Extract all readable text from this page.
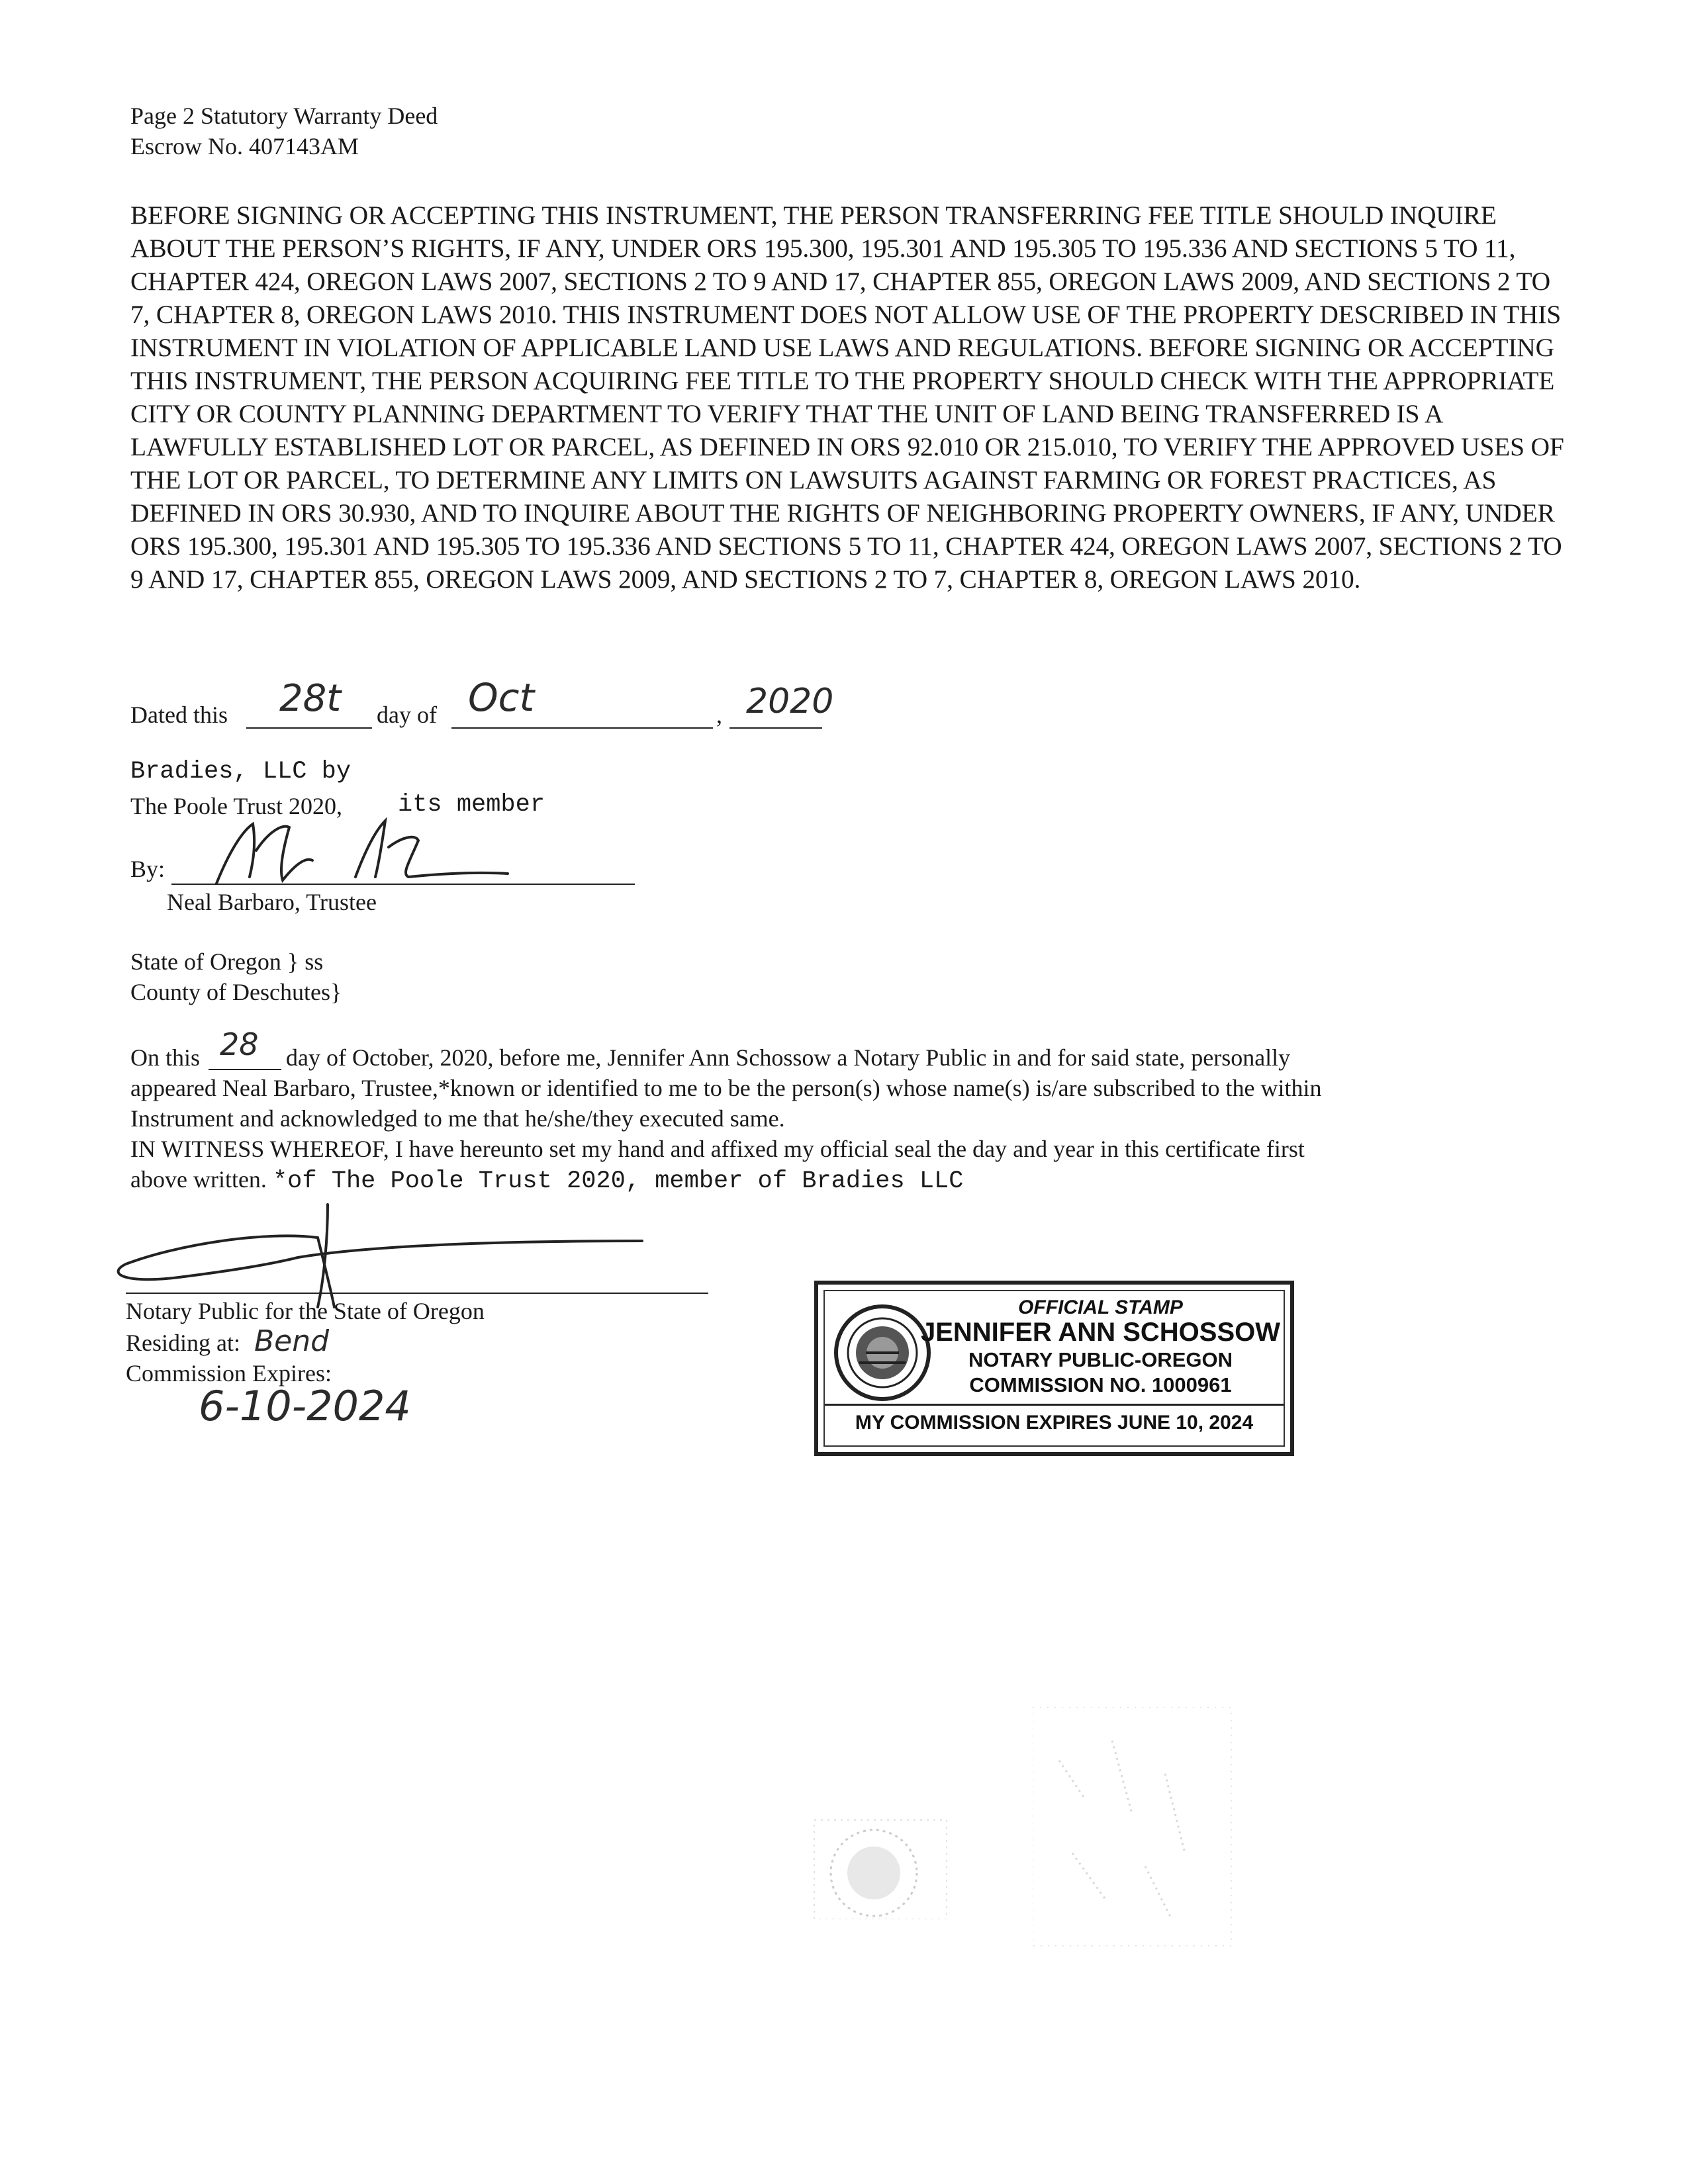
Page 2 Statutory Warranty Deed
Escrow No. 407143AM
BEFORE SIGNING OR ACCEPTING THIS INSTRUMENT, THE PERSON TRANSFERRING FEE TITLE SHOULD INQUIRE ABOUT THE PERSON’S RIGHTS, IF ANY, UNDER ORS 195.300, 195.301 AND 195.305 TO 195.336 AND SECTIONS 5 TO 11, CHAPTER 424, OREGON LAWS 2007, SECTIONS 2 TO 9 AND 17, CHAPTER 855, OREGON LAWS 2009, AND SECTIONS 2 TO 7, CHAPTER 8, OREGON LAWS 2010. THIS INSTRUMENT DOES NOT ALLOW USE OF THE PROPERTY DESCRIBED IN THIS INSTRUMENT IN VIOLATION OF APPLICABLE LAND USE LAWS AND REGULATIONS. BEFORE SIGNING OR ACCEPTING THIS INSTRUMENT, THE PERSON ACQUIRING FEE TITLE TO THE PROPERTY SHOULD CHECK WITH THE APPROPRIATE CITY OR COUNTY PLANNING DEPARTMENT TO VERIFY THAT THE UNIT OF LAND BEING TRANSFERRED IS A LAWFULLY ESTABLISHED LOT OR PARCEL, AS DEFINED IN ORS 92.010 OR 215.010, TO VERIFY THE APPROVED USES OF THE LOT OR PARCEL, TO DETERMINE ANY LIMITS ON LAWSUITS AGAINST FARMING OR FOREST PRACTICES, AS DEFINED IN ORS 30.930, AND TO INQUIRE ABOUT THE RIGHTS OF NEIGHBORING PROPERTY OWNERS, IF ANY, UNDER ORS 195.300, 195.301 AND 195.305 TO 195.336 AND SECTIONS 5 TO 11, CHAPTER 424, OREGON LAWS 2007, SECTIONS 2 TO 9 AND 17, CHAPTER 855, OREGON LAWS 2009, AND SECTIONS 2 TO 7, CHAPTER 8, OREGON LAWS 2010.
Dated this 28t day of Oct	, 2020
Bradies, LLC by
The Poole Trust 2020, its member
By:
Neal Barbaro, Trustee
State of Oregon } ss
County of Deschutes}
On this 28 day of October, 2020, before me, Jennifer Ann Schossow a Notary Public in and for said state, personally
appeared Neal Barbaro, Trustee,*known or identified to me to be the person(s) whose name(s) is/are subscribed to the within
Instrument and acknowledged to me that he/she/they executed same.
IN WITNESS WHEREOF, I have hereunto set my hand and affixed my official seal the day and year in this certificate first
above written. *of The Poole Trust 2020, member of Bradies LLC
Notary Public for the State of Oregon
Residing at: Bend
Commission Expires:
6-10-2024
OFFICIAL STAMP
JENNIFER ANN SCHOSSOW
NOTARY PUBLIC-OREGON
COMMISSION NO. 1000961
MY COMMISSION EXPIRES JUNE 10, 2024
